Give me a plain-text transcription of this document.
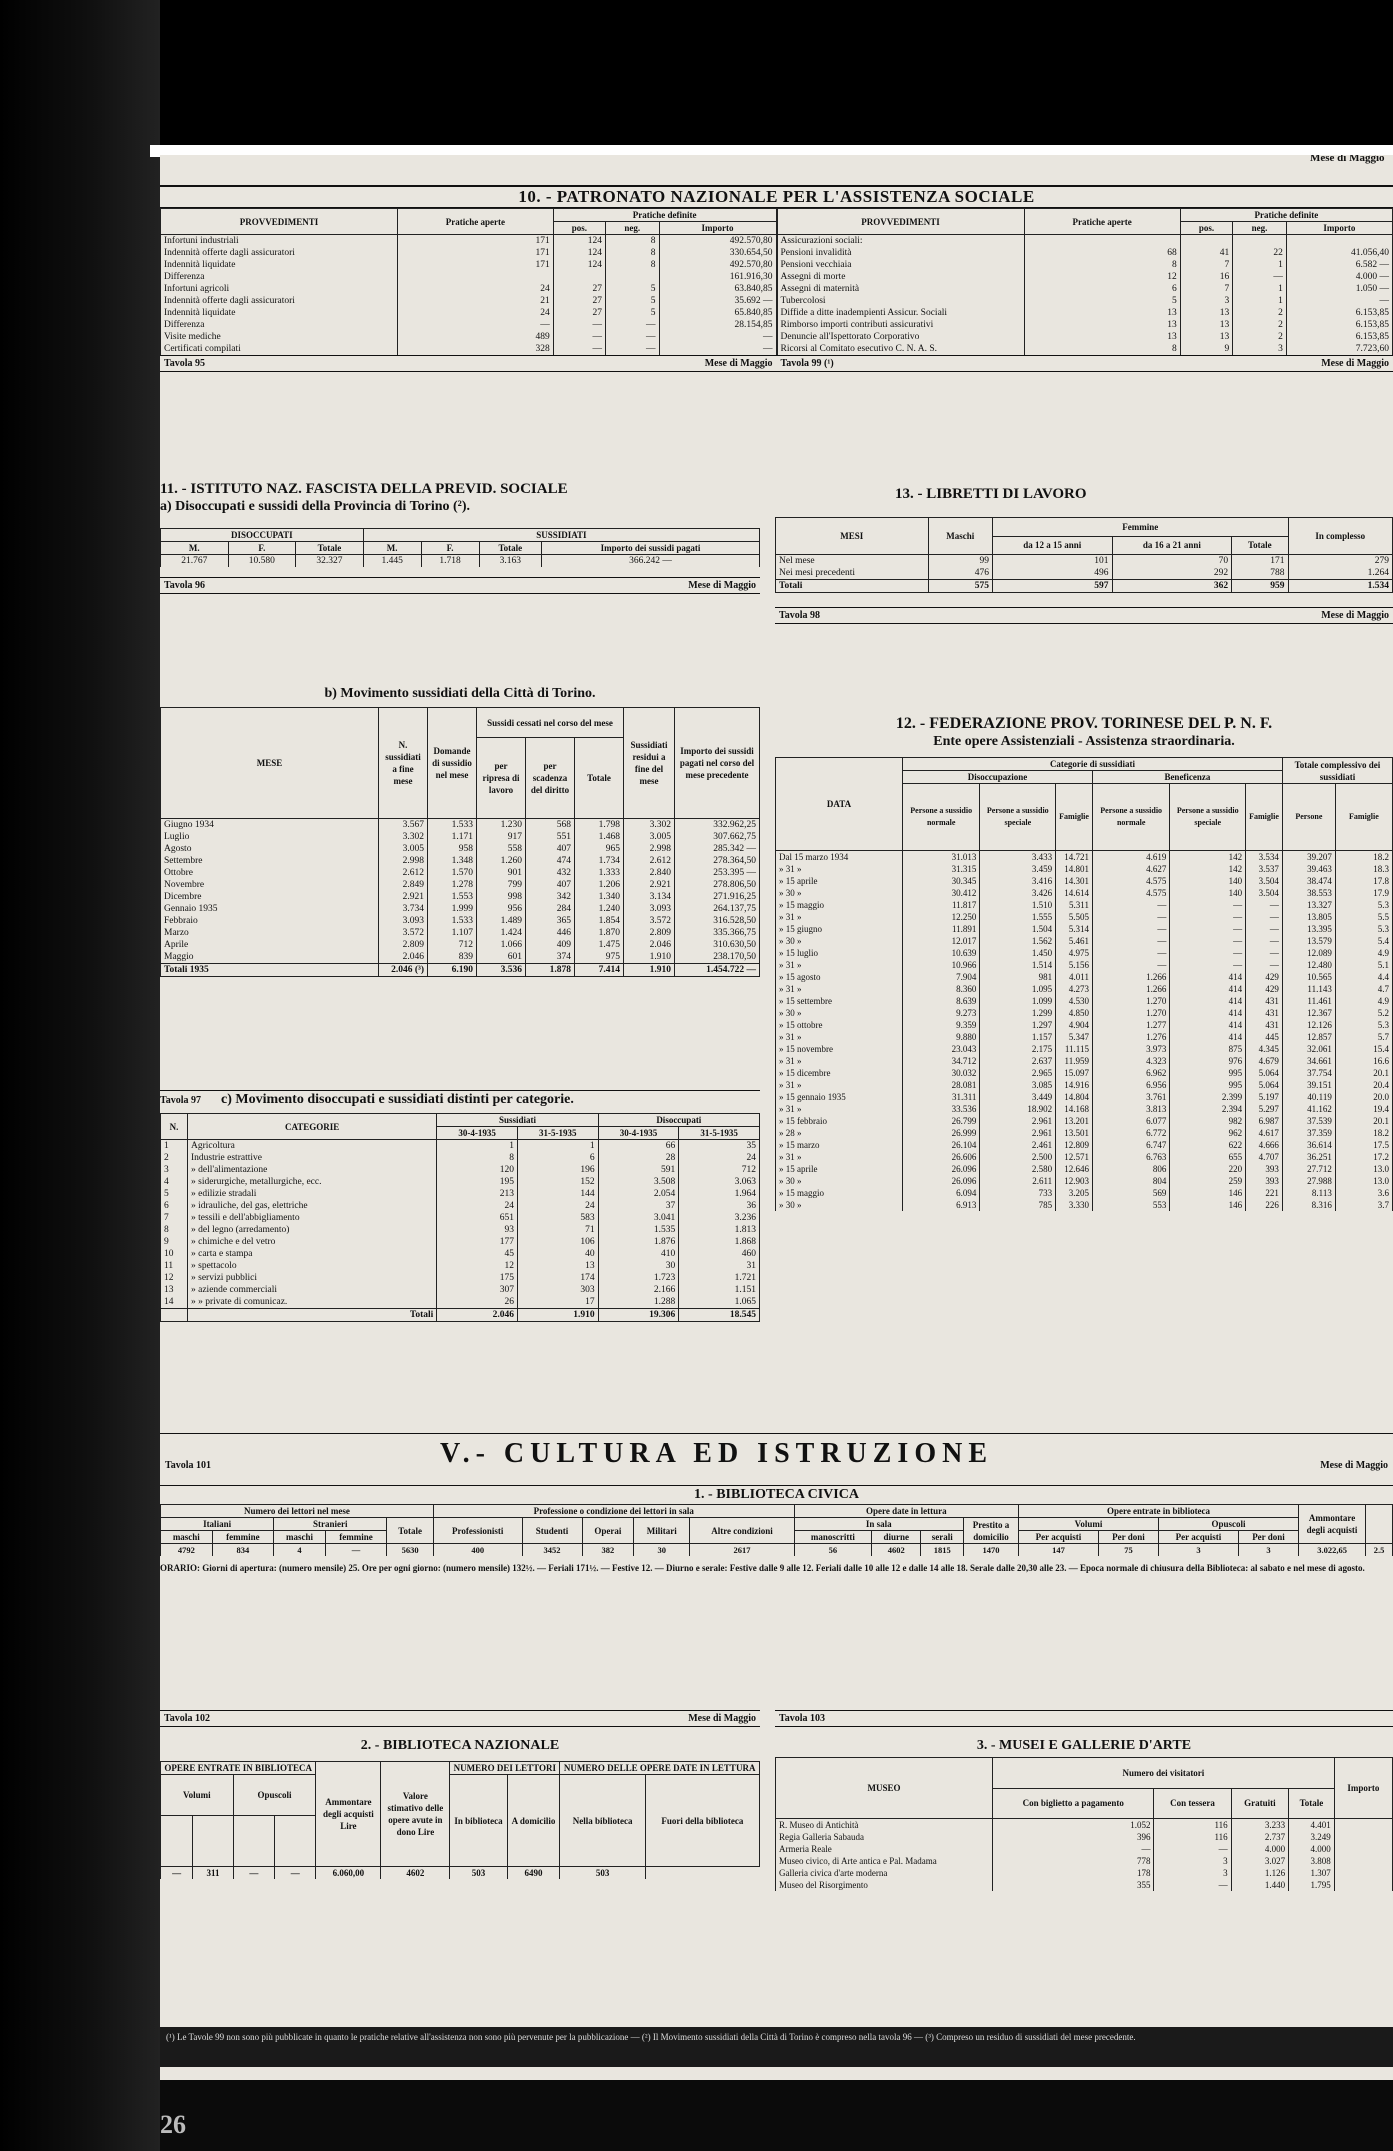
Mese di Maggio
10. - PATRONATO NAZIONALE PER L'ASSISTENZA SOCIALE
PROVVEDIMENTI	Pratiche aperte	Pratiche definite		
		pos.	neg.	Importo
Infortuni industriali	171	124	8	492.570,80
Indennità offerte dagli assicuratori	171	124	8	330.654,50
Indennità liquidate	171	124	8	492.570,80
Differenza				161.916,30
Infortuni agricoli	24	27	5	63.840,85
Indennità offerte dagli assicuratori	21	27	5	35.692 —
Indennità liquidate	24	27	5	65.840,85
Differenza	—	—	—	28.154,85
Visite mediche	489	—	—	—
Certificati compilati	328	—	—	—
PROVVEDIMENTI	Pratiche aperte	Pratiche definite		
		pos.	neg.	Importo
Assicurazioni sociali:				
Pensioni invalidità	68	41	22	41.056,40
Pensioni vecchiaia	8	7	1	6.582 —
Assegni di morte	12	16	—	4.000 —
Assegni di maternità	6	7	1	1.050 —
Tubercolosi	5	3	1	—
Diffide a ditte inadempienti Assicur. Sociali	13	13	2	6.153,85
Rimborso importi contributi assicurativi	13	13	2	6.153,85
Denuncie all'Ispettorato Corporativo	13	13	2	6.153,85
Ricorsi al Comitato esecutivo C. N. A. S.	8	9	3	7.723,60
Tavola 95	Mese di Maggio Tavola 99 (¹)	Mese di Maggio
11. - ISTITUTO NAZ. FASCISTA DELLA PREVID. SOCIALE
a) Disoccupati e sussidi della Provincia di Torino (²).
DISOCCUPATI			SUSSIDIATI			
M.	F.	Totale	M.	F.	Totale	Importo dei sussidi pagati
21.767	10.580	32.327	1.445	1.718	3.163	366.242 —
Tavola 96	Mese di Maggio
b) Movimento sussidiati della Città di Torino.
MESE	N. sussidiati a fine mese	Domande di sussidio nel mese	Sussidi cessati nel corso del mese			Sussidiati residui a fine del mese	Importo dei sussidi pagati nel corso del mese precedente
			per ripresa di lavoro	per scadenza del diritto	Totale		
Giugno 1934	3.567	1.533	1.230	568	1.798	3.302	332.962,25
Luglio	3.302	1.171	917	551	1.468	3.005	307.662,75
Agosto	3.005	958	558	407	965	2.998	285.342 —
Settembre	2.998	1.348	1.260	474	1.734	2.612	278.364,50
Ottobre	2.612	1.570	901	432	1.333	2.840	253.395 —
Novembre	2.849	1.278	799	407	1.206	2.921	278.806,50
Dicembre	2.921	1.553	998	342	1.340	3.134	271.916,25
Gennaio 1935	3.734	1.999	956	284	1.240	3.093	264.137,75
Febbraio	3.093	1.533	1.489	365	1.854	3.572	316.528,50
Marzo	3.572	1.107	1.424	446	1.870	2.809	335.366,75
Aprile	2.809	712	1.066	409	1.475	2.046	310.630,50
Maggio	2.046	839	601	374	975	1.910	238.170,50
Totali 1935	2.046 (³)	6.190	3.536	1.878	7.414	1.910	1.454.722 —
Tavola 97 c) Movimento disoccupati e sussidiati distinti per categorie.
N.	CATEGORIE	Sussidiati		Disoccupati	
		30-4-1935	31-5-1935	30-4-1935	31-5-1935
1	Agricoltura	1	1	66	35
2	Industrie estrattive	8	6	28	24
3	» dell'alimentazione	120	196	591	712
4	» siderurgiche, metallurgiche, ecc.	195	152	3.508	3.063
5	» edilizie stradali	213	144	2.054	1.964
6	» idrauliche, del gas, elettriche	24	24	37	36
7	» tessili e dell'abbigliamento	651	583	3.041	3.236
8	» del legno (arredamento)	93	71	1.535	1.813
9	» chimiche e del vetro	177	106	1.876	1.868
10	» carta e stampa	45	40	410	460
11	» spettacolo	12	13	30	31
12	» servizi pubblici	175	174	1.723	1.721
13	» aziende commerciali	307	303	2.166	1.151
14	» » private di comunicaz.	26	17	1.288	1.065
	Totali	2.046	1.910	19.306	18.545
13. - LIBRETTI DI LAVORO
MESI	Maschi	Femmine			In complesso
		da 12 a 15 anni	da 16 a 21 anni	Totale	
Nel mese	99	101	70	171	279
Nei mesi precedenti	476	496	292	788	1.264
Totali	575	597	362	959	1.534
Tavola 98	Mese di Maggio
12. - FEDERAZIONE PROV. TORINESE DEL P. N. F.
Ente opere Assistenziali - Assistenza straordinaria.
DATA	Categorie di sussidiati						Totale complessivo dei sussidiati	
	Disoccupazione			Beneficenza				
	Persone a sussidio normale	Persone a sussidio speciale	Famiglie	Persone a sussidio normale	Persone a sussidio speciale	Famiglie	Persone	Famiglie
Dal 15 marzo 1934	31.013	3.433	14.721	4.619	142	3.534	39.207	18.2
» 31 »	31.315	3.459	14.801	4.627	142	3.537	39.463	18.3
» 15 aprile	30.345	3.416	14.301	4.575	140	3.504	38.474	17.8
» 30 »	30.412	3.426	14.614	4.575	140	3.504	38.553	17.9
» 15 maggio	11.817	1.510	5.311	—	—	—	13.327	5.3
» 31 »	12.250	1.555	5.505	—	—	—	13.805	5.5
» 15 giugno	11.891	1.504	5.314	—	—	—	13.395	5.3
» 30 »	12.017	1.562	5.461	—	—	—	13.579	5.4
» 15 luglio	10.639	1.450	4.975	—	—	—	12.089	4.9
» 31 »	10.966	1.514	5.156	—	—	—	12.480	5.1
» 15 agosto	7.904	981	4.011	1.266	414	429	10.565	4.4
» 31 »	8.360	1.095	4.273	1.266	414	429	11.143	4.7
» 15 settembre	8.639	1.099	4.530	1.270	414	431	11.461	4.9
» 30 »	9.273	1.299	4.850	1.270	414	431	12.367	5.2
» 15 ottobre	9.359	1.297	4.904	1.277	414	431	12.126	5.3
» 31 »	9.880	1.157	5.347	1.276	414	445	12.857	5.7
» 15 novembre	23.043	2.175	11.115	3.973	875	4.345	32.061	15.4
» 31 »	34.712	2.637	11.959	4.323	976	4.679	34.661	16.6
» 15 dicembre	30.032	2.965	15.097	6.962	995	5.064	37.754	20.1
» 31 »	28.081	3.085	14.916	6.956	995	5.064	39.151	20.4
» 15 gennaio 1935	31.311	3.449	14.804	3.761	2.399	5.197	40.119	20.0
» 31 »	33.536	18.902	14.168	3.813	2.394	5.297	41.162	19.4
» 15 febbraio	26.799	2.961	13.201	6.077	982	6.987	37.539	20.1
» 28 »	26.999	2.961	13.501	6.772	962	4.617	37.359	18.2
» 15 marzo	26.104	2.461	12.809	6.747	622	4.666	36.614	17.5
» 31 »	26.606	2.500	12.571	6.763	655	4.707	36.251	17.2
» 15 aprile	26.096	2.580	12.646	806	220	393	27.712	13.0
» 30 »	26.096	2.611	12.903	804	259	393	27.988	13.0
» 15 maggio	6.094	733	3.205	569	146	221	8.113	3.6
» 30 »	6.913	785	3.330	553	146	226	8.316	3.7
Tavola 101	Mese di Maggio
V.- CULTURA ED ISTRUZIONE
1. - BIBLIOTECA CIVICA
Numero dei lettori nel mese					Professione o condizione dei lettori in sala					Opere date in lettura				Opere entrate in biblioteca				Ammontare degli acquisti	
Italiani		Stranieri		Totale	Professionisti	Studenti	Operai	Militari	Altre condizioni	In sala			Prestito a domicilio	Volumi		Opuscoli			
maschi	femmine	maschi	femmine							manoscritti	diurne	serali		Per acquisti	Per doni	Per acquisti	Per doni		
4792	834	4	—	5630	400	3452	382	30	2617	56	4602	1815	1470	147	75	3	3	3.022,65	2.5
ORARIO: Giorni di apertura: (numero mensile) 25. Ore per ogni giorno: (numero mensile) 132½. — Feriali 171½. — Festive 12. — Diurno e serale: Festive dalle 9 alle 12. Feriali dalle 10 alle 12 e dalle 14 alle 18. Serale dalle 20,30 alle 23. — Epoca normale di chiusura della Biblioteca: al sabato e nel mese di agosto.
Tavola 102	Mese di Maggio
2. - BIBLIOTECA NAZIONALE
OPERE ENTRATE IN BIBLIOTECA				Ammontare degli acquisti Lire	Valore stimativo delle opere avute in dono Lire	NUMERO DEI LETTORI		NUMERO DELLE OPERE DATE IN LETTURA	
Volumi		Opuscoli				In biblioteca	A domicilio	Nella biblioteca	Fuori della biblioteca

—	311	—	—	6.060,00	4602	503	6490	503	
Tavola 103
3. - MUSEI E GALLERIE D'ARTE
MUSEO	Numero dei visitatori				Importo
	Con biglietto a pagamento	Con tessera	Gratuiti	Totale	
R. Museo di Antichità	1.052	116	3.233	4.401	
Regia Galleria Sabauda	396	116	2.737	3.249	
Armeria Reale	—	—	4.000	4.000	
Museo civico, di Arte antica e Pal. Madama	778	3	3.027	3.808	
Galleria civica d'arte moderna	178	3	1.126	1.307	
Museo del Risorgimento	355	—	1.440	1.795	
(¹) Le Tavole 99 non sono più pubblicate in quanto le pratiche relative all'assistenza non sono più pervenute per la pubblicazione — (²) Il Movimento sussidiati della Città di Torino è compreso nella tavola 96 — (³) Compreso un residuo di sussidiati del mese precedente.
26
